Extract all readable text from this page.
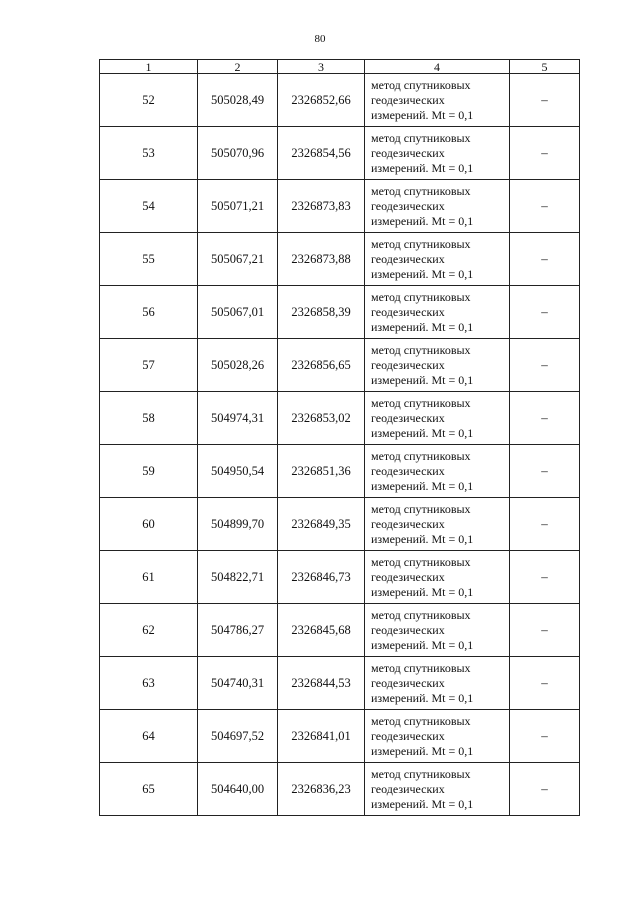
80
1	2	3	4	5
52	505028,49	2326852,66	метод спутниковых
геодезических
измерений. Mt = 0,1	–
53	505070,96	2326854,56	метод спутниковых
геодезических
измерений. Mt = 0,1	–
54	505071,21	2326873,83	метод спутниковых
геодезических
измерений. Mt = 0,1	–
55	505067,21	2326873,88	метод спутниковых
геодезических
измерений. Mt = 0,1	–
56	505067,01	2326858,39	метод спутниковых
геодезических
измерений. Mt = 0,1	–
57	505028,26	2326856,65	метод спутниковых
геодезических
измерений. Mt = 0,1	–
58	504974,31	2326853,02	метод спутниковых
геодезических
измерений. Mt = 0,1	–
59	504950,54	2326851,36	метод спутниковых
геодезических
измерений. Mt = 0,1	–
60	504899,70	2326849,35	метод спутниковых
геодезических
измерений. Mt = 0,1	–
61	504822,71	2326846,73	метод спутниковых
геодезических
измерений. Mt = 0,1	–
62	504786,27	2326845,68	метод спутниковых
геодезических
измерений. Mt = 0,1	–
63	504740,31	2326844,53	метод спутниковых
геодезических
измерений. Mt = 0,1	–
64	504697,52	2326841,01	метод спутниковых
геодезических
измерений. Mt = 0,1	–
65	504640,00	2326836,23	метод спутниковых
геодезических
измерений. Mt = 0,1	–
